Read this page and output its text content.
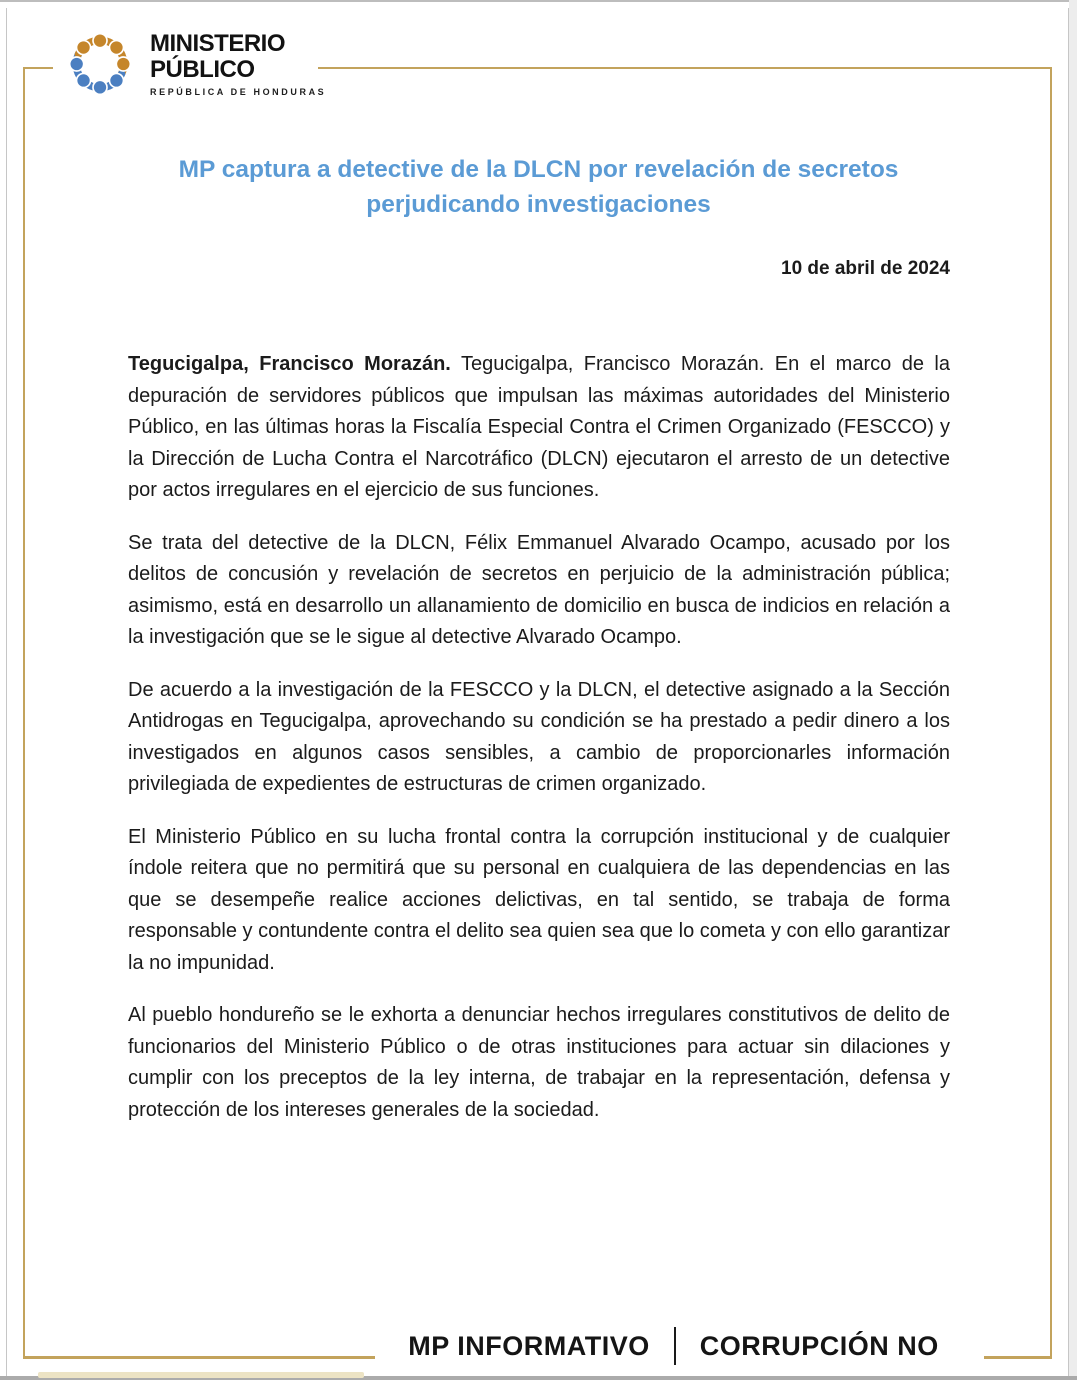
MINISTERIO
PÚBLICO
REPÚBLICA DE HONDURAS
MP captura a detective de la DLCN por revelación de secretos perjudicando investigaciones
10 de abril de 2024

Tegucigalpa, Francisco Morazán. Tegucigalpa, Francisco Morazán. En el marco de la depuración de servidores públicos que impulsan las máximas autoridades del Ministerio Público, en las últimas horas la Fiscalía Especial Contra el Crimen Organizado (FESCCO) y la Dirección de Lucha Contra el Narcotráfico (DLCN) ejecutaron el arresto de un detective por actos irregulares en el ejercicio de sus funciones.

Se trata del detective de la DLCN, Félix Emmanuel Alvarado Ocampo, acusado por los delitos de concusión y revelación de secretos en perjuicio de la administración pública; asimismo, está en desarrollo un allanamiento de domicilio en busca de indicios en relación a la investigación que se le sigue al detective Alvarado Ocampo.

De acuerdo a la investigación de la FESCCO y la DLCN, el detective asignado a la Sección Antidrogas en Tegucigalpa, aprovechando su condición se ha prestado a pedir dinero a los investigados en algunos casos sensibles, a cambio de proporcionarles información privilegiada de expedientes de estructuras de crimen organizado.

El Ministerio Público en su lucha frontal contra la corrupción institucional y de cualquier índole reitera que no permitirá que su personal en cualquiera de las dependencias en las que se desempeñe realice acciones delictivas, en tal sentido, se trabaja de forma responsable y contundente contra el delito sea quien sea que lo cometa y con ello garantizar la no impunidad.

Al pueblo hondureño se le exhorta a denunciar hechos irregulares constitutivos de delito de funcionarios del Ministerio Público o de otras instituciones para actuar sin dilaciones y cumplir con los preceptos de la ley interna, de trabajar en la representación, defensa y protección de los intereses generales de la sociedad.

MP INFORMATIVO CORRUPCIÓN NO
